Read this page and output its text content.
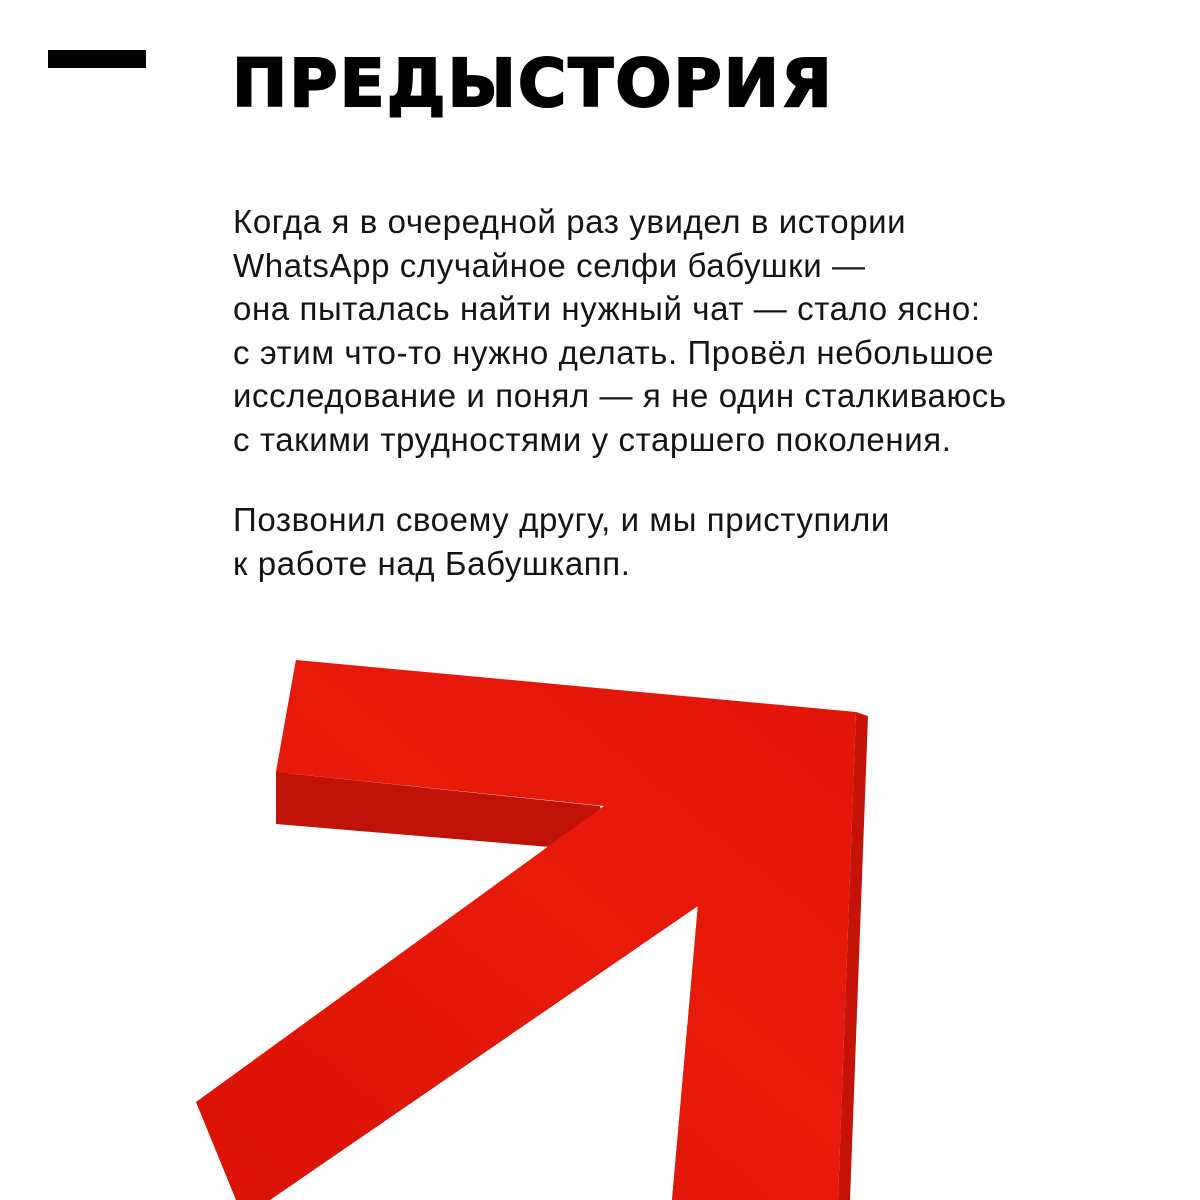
ПРЕДЫСТОРИЯ

Когда я в очередной раз увидел в истории
WhatsApp случайное селфи бабушки —
она пыталась найти нужный чат — стало ясно:
с этим что-то нужно делать. Провёл небольшое
исследование и понял — я не один сталкиваюсь
с такими трудностями у старшего поколения.

Позвонил своему другу, и мы приступили
к работе над Бабушкапп.
